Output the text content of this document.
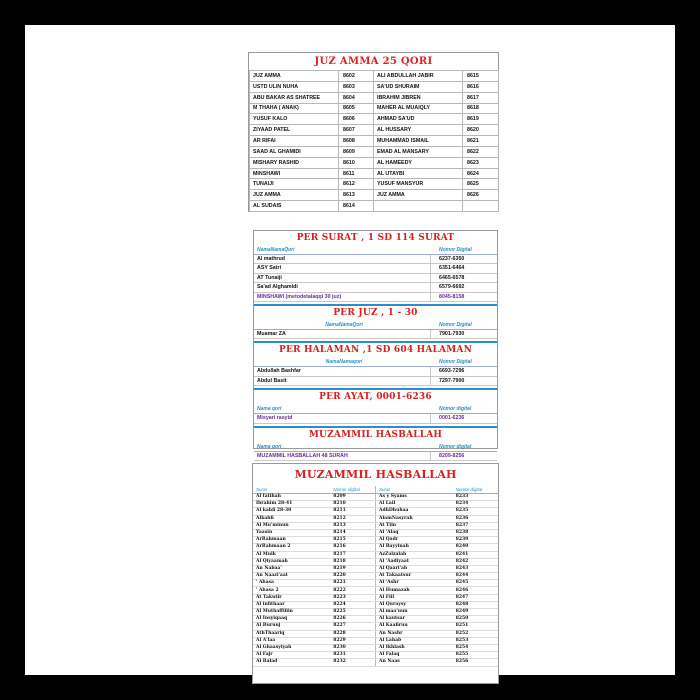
JUZ AMMA 25 QORI
JUZ AMMA	8602	ALI ABDULLAH JABIR	8615
USTD ULIN NUHA	8603	SA'UD SHURAIM	8616
ABU BAKAR AS SHATREE	8604	IBRAHIM JIBREN	8617
M THAHA ( ANAK)	8605	MAHER AL MUAIQLY	8618
YUSUF KALO	8606	AHMAD SA'UD	8619
ZIYAAD PATEL	8607	AL HUSSARY	8620
AR RIFAI	8608	MUHAMMAD ISMAIL	8621
SAAD AL GHAMIDI	8609	EMAD AL MANSARY	8622
MISHARY RASHID	8610	AL HAMEEDY	8623
MINSHAWI	8611	AL UTAYBI	8624
TUNAIJI	8612	YUSUF MANSYUR	8625
JUZ AMMA	8613	JUZ AMMA	8626
AL SUDAIS	8614		
PER SURAT , 1 SD 114 SURAT
NamaNamaQori	Nomor Digital
Al mathrud	6237-6350
ASY Satri	6351-6464
AT Tunaiji	6465-6578
Sa'ad Alghamidi	6579-6692
MINSHAWI (metodetalaqqi 30 juz)	8045-8158
PER JUZ , 1 - 30
NamaNamaQori	Nomor Digital
Muamar ZA	7901-7930
PER HALAMAN ,1 SD 604 HALAMAN
NamaNamaqori	Nomor Digital
Abdullah Bashfar	6693-7296
Abdul Basit	7297-7900
PER AYAT, 0001-6236
Nama qori	Nomor digital
Misyari rasyid	0001-6236
MUZAMMIL HASBALLAH
Nama qori	Nomor digital
MUZAMMIL HASBALLAH 48 SURAH	8209-8256
MUZAMMIL HASBALLAH
Surat	Nomor digital	Surat	Nomor digital
Al fatihah	8209	As y Syams	8233
Ibrahim 28-41	8210	Al Lail	8234
Al kahfi 28-30	8211	AdhDhuhaa	8235
Alkahfi	8212	AlamNasyrah	8236
Al Mu'minun	8213	At Tiin	8237
Yaasin	8214	Al 'Alaq	8238
ArRahmaan	8215	Al Qadr	8239
ArRahmaan 2	8216	Al Bayyinah	8240
Al Mulk	8217	AzZalzalah	8241
Al Qiyaamah	8218	Al 'Aadiyaat	8242
An Nabaa'	8219	Al Qaari'ah	8243
An Naazi'aat	8220	At Takaatsur	8244
' Abasa	8221	Al 'Ashr	8245
' Abasa 2	8222	Al Humazah	8246
At Takwiir	8223	Al Fiil	8247
Al infithaar	8224	Al Quraysy	8248
Al Muthaffifiin	8225	Al maa'uun	8249
Al Insyiqaaq	8226	Al kautsar	8250
Al Buruuj	8227	Al Kaafiruu	8251
AthThaariq	8228	An Nashr	8252
Al A'laa	8229	Al Lahab	8253
Al Ghaasyiyah	8230	Al Ikhlash	8254
Al Fajr	8231	Al Falaq	8255
Al Balad	8232	An Naas	8256
